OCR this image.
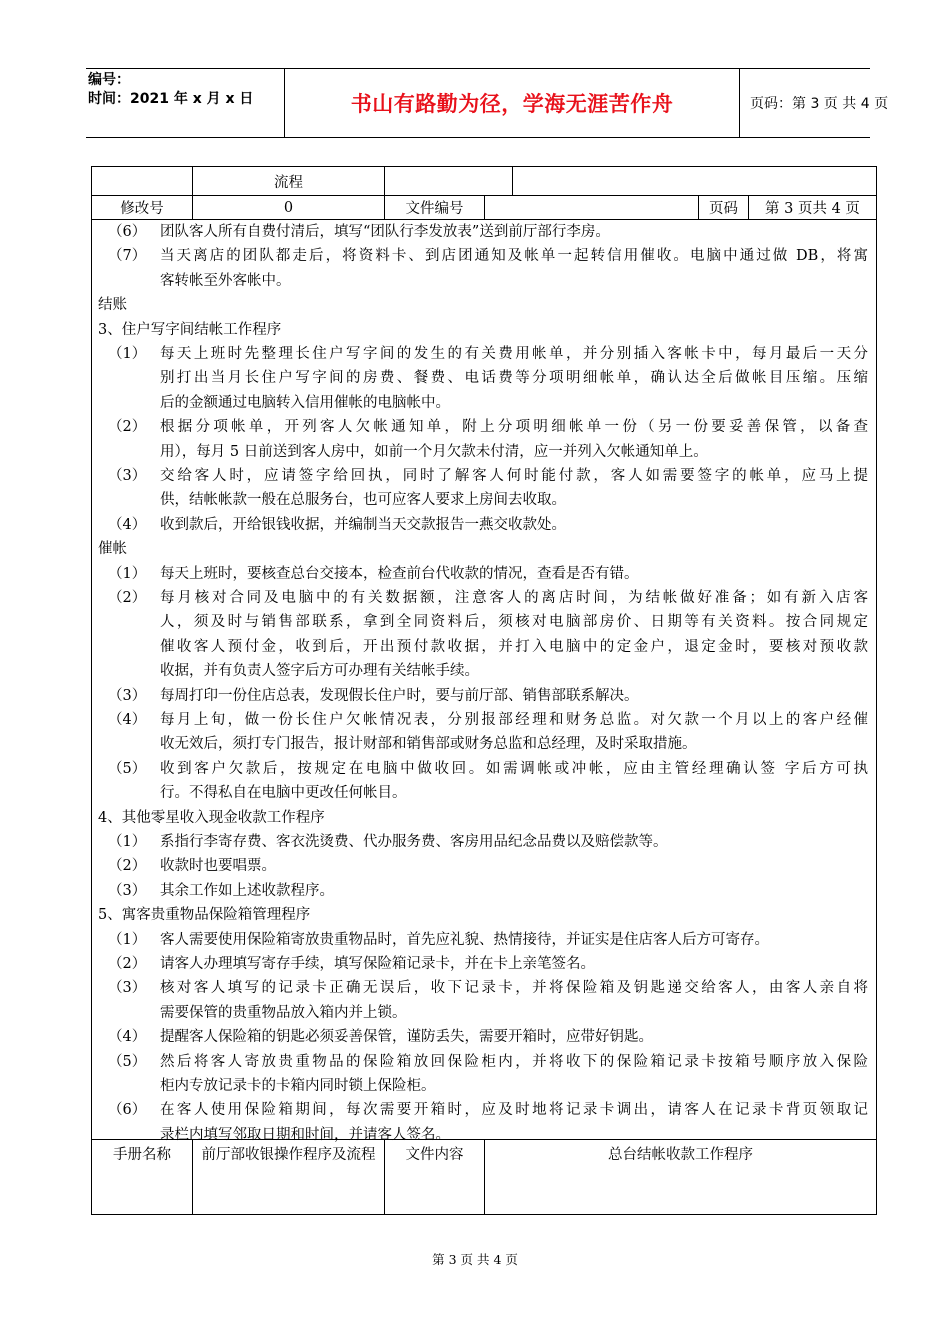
编号：
时间：2021 年 x 月 x 日	书山有路勤为径，学海无涯苦作舟	页码：第 3 页 共 4 页
流程
修改号	0	文件编号	页码	第 3 页共 4 页
（6） 团队客人所有自费付清后，填写“团队行李发放表”送到前厅部行李房。
（7） 当天离店的团队都走后，将资料卡、到店团通知及帐单一起转信用催收。电脑中通过做 DB，将寓
客转帐至外客帐中。
结账
3、住户写字间结帐工作程序
（1） 每天上班时先整理长住户写字间的发生的有关费用帐单，并分别插入客帐卡中，每月最后一天分
别打出当月长住户写字间的房费、餐费、电话费等分项明细帐单，确认达全后做帐目压缩。压缩
后的金额通过电脑转入信用催帐的电脑帐中。
（2） 根据分项帐单，开列客人欠帐通知单，附上分项明细帐单一份（另一份要妥善保管，以备查
用），每月 5 日前送到客人房中，如前一个月欠款未付清，应一并列入欠帐通知单上。
（3） 交给客人时，应请签字给回执，同时了解客人何时能付款，客人如需要签字的帐单，应马上提
供，结帐帐款一般在总服务台，也可应客人要求上房间去收取。
（4） 收到款后，开给银钱收据，并编制当天交款报告一燕交收款处。
催帐
（1） 每天上班时，要核查总台交接本，检查前台代收款的情况，查看是否有错。
（2） 每月核对合同及电脑中的有关数据额，注意客人的离店时间，为结帐做好准备；如有新入店客
人，须及时与销售部联系，拿到全同资料后，须核对电脑部房价、日期等有关资料。按合同规定
催收客人预付金，收到后，开出预付款收据，并打入电脑中的定金户，退定金时，要核对预收款
收据，并有负责人签字后方可办理有关结帐手续。
（3） 每周打印一份住店总表，发现假长住户时，要与前厅部、销售部联系解决。
（4） 每月上旬，做一份长住户欠帐情况表，分别报部经理和财务总监。对欠款一个月以上的客户经催
收无效后，须打专门报告，报计财部和销售部或财务总监和总经理，及时采取措施。
（5） 收到客户欠款后，按规定在电脑中做收回。如需调帐或冲帐，应由主管经理确认签 字后方可执
行。不得私自在电脑中更改任何帐目。
4、其他零星收入现金收款工作程序
（1） 系指行李寄存费、客衣洗烫费、代办服务费、客房用品纪念品费以及赔偿款等。
（2） 收款时也要唱票。
（3） 其余工作如上述收款程序。
5、寓客贵重物品保险箱管理程序
（1） 客人需要使用保险箱寄放贵重物品时，首先应礼貌、热情接待，并证实是住店客人后方可寄存。
（2） 请客人办理填写寄存手续，填写保险箱记录卡，并在卡上亲笔签名。
（3） 核对客人填写的记录卡正确无误后，收下记录卡，并将保险箱及钥匙递交给客人，由客人亲自将
需要保管的贵重物品放入箱内并上锁。
（4） 提醒客人保险箱的钥匙必须妥善保管，谨防丢失，需要开箱时，应带好钥匙。
（5） 然后将客人寄放贵重物品的保险箱放回保险柜内，并将收下的保险箱记录卡按箱号顺序放入保险
柜内专放记录卡的卡箱内同时锁上保险柜。
（6） 在客人使用保险箱期间，每次需要开箱时，应及时地将记录卡调出，请客人在记录卡背页领取记
录栏内填写邻取日期和时间，并请客人签名。
手册名称	前厅部收银操作程序及流程	文件内容	总台结帐收款工作程序
第 3 页 共 4 页
